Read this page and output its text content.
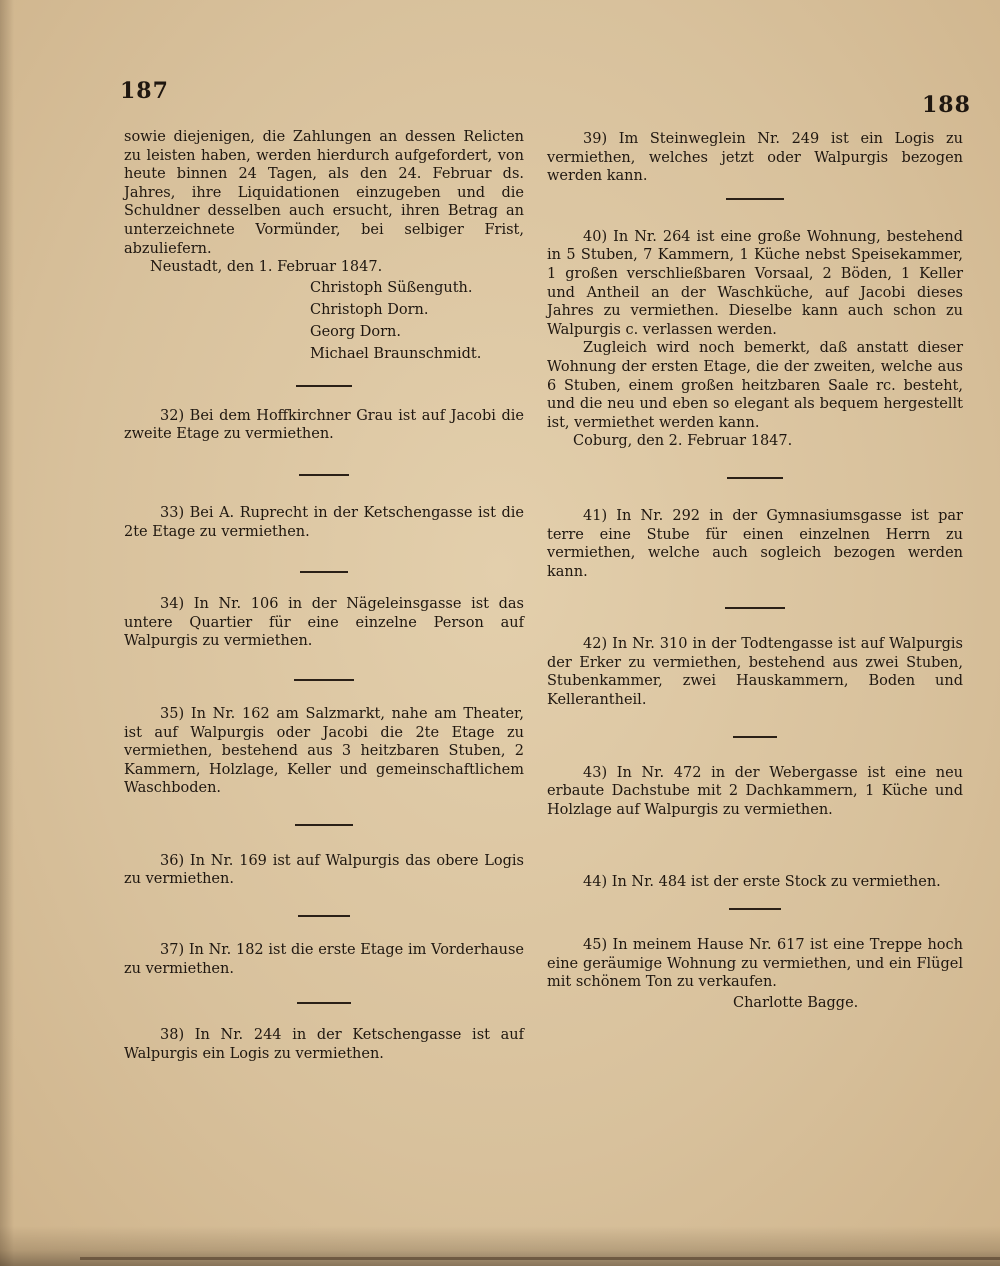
187
188

sowie diejenigen, die Zahlungen an dessen Relicten zu leisten haben, werden hierdurch aufgefordert, von heute binnen 24 Tagen, als den 24. Februar ds. Jahres, ihre Liquidationen einzugeben und die Schuldner desselben auch ersucht, ihren Betrag an unterzeichnete Vormünder, bei selbiger Frist, abzuliefern.

Neustadt, den 1. Februar 1847.

Christoph Süßenguth.
Christoph Dorn.
Georg Dorn.
Michael Braunschmidt.

32) Bei dem Hoffkirchner Grau ist auf Jacobi die zweite Etage zu vermiethen.

33) Bei A. Ruprecht in der Ketschengasse ist die 2te Etage zu vermiethen.

34) In Nr. 106 in der Nägeleinsgasse ist das untere Quartier für eine einzelne Person auf Walpurgis zu vermiethen.

35) In Nr. 162 am Salzmarkt, nahe am Theater, ist auf Walpurgis oder Jacobi die 2te Etage zu vermiethen, bestehend aus 3 heitzbaren Stuben, 2 Kammern, Holzlage, Keller und gemeinschaftlichem Waschboden.

36) In Nr. 169 ist auf Walpurgis das obere Logis zu vermiethen.

37) In Nr. 182 ist die erste Etage im Vorderhause zu vermiethen.

38) In Nr. 244 in der Ketschengasse ist auf Walpurgis ein Logis zu vermiethen.

39) Im Steinweglein Nr. 249 ist ein Logis zu vermiethen, welches jetzt oder Walpurgis bezogen werden kann.

40) In Nr. 264 ist eine große Wohnung, bestehend in 5 Stuben, 7 Kammern, 1 Küche nebst Speisekammer, 1 großen verschließbaren Vorsaal, 2 Böden, 1 Keller und Antheil an der Waschküche, auf Jacobi dieses Jahres zu vermiethen. Dieselbe kann auch schon zu Walpurgis c. verlassen werden.

Zugleich wird noch bemerkt, daß anstatt dieser Wohnung der ersten Etage, die der zweiten, welche aus 6 Stuben, einem großen heitzbaren Saale rc. besteht, und die neu und eben so elegant als bequem hergestellt ist, vermiethet werden kann.

Coburg, den 2. Februar 1847.

41) In Nr. 292 in der Gymnasiumsgasse ist par terre eine Stube für einen einzelnen Herrn zu vermiethen, welche auch sogleich bezogen werden kann.

42) In Nr. 310 in der Todtengasse ist auf Walpurgis der Erker zu vermiethen, bestehend aus zwei Stuben, Stubenkammer, zwei Hauskammern, Boden und Kellerantheil.

43) In Nr. 472 in der Webergasse ist eine neu erbaute Dachstube mit 2 Dachkammern, 1 Küche und Holzlage auf Walpurgis zu vermiethen.

44) In Nr. 484 ist der erste Stock zu vermiethen.

45) In meinem Hause Nr. 617 ist eine Treppe hoch eine geräumige Wohnung zu vermiethen, und ein Flügel mit schönem Ton zu verkaufen.

Charlotte Bagge.
